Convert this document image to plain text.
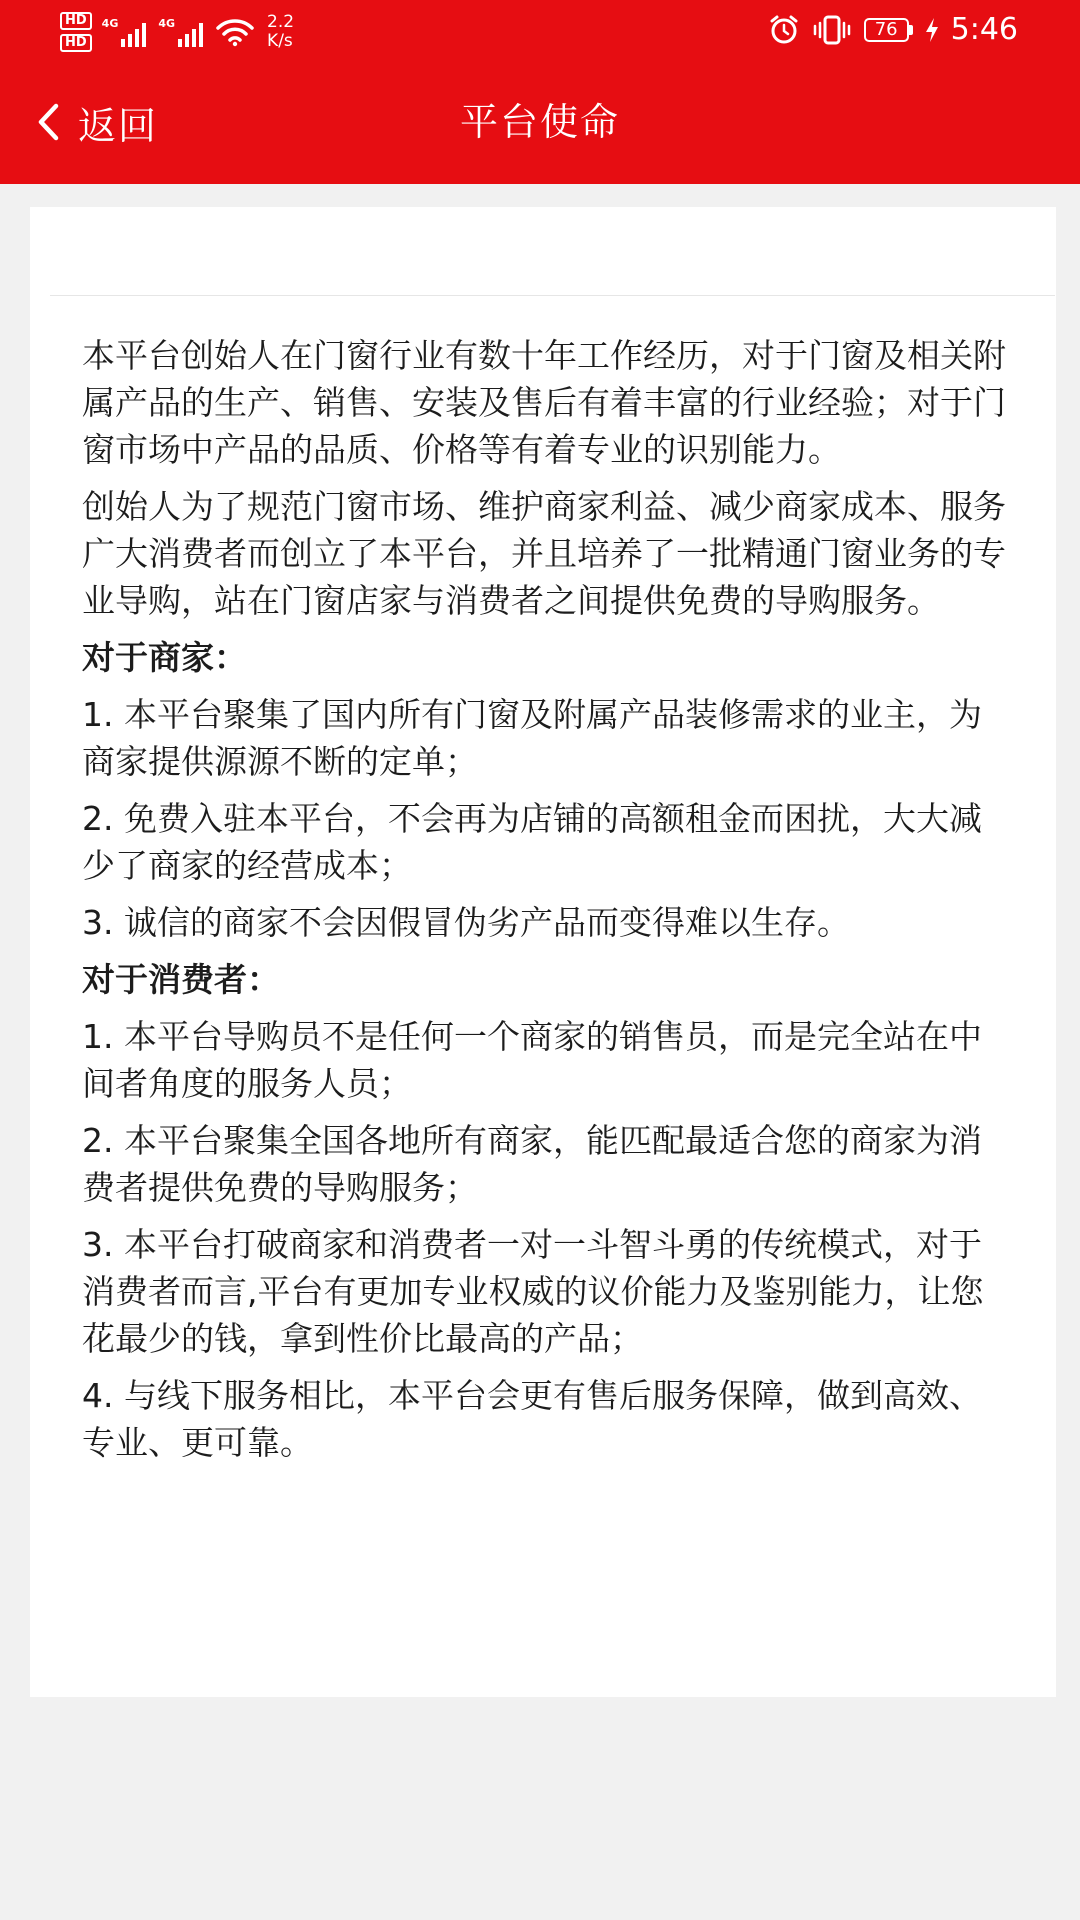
HD
HD
4G	4G	2.2
K/s
76	5:46
返回	平台使命

本平台创始人在门窗行业有数十年工作经历，对于门窗及相关附属产品的生产、销售、安装及售后有着丰富的行业经验；对于门窗市场中产品的品质、价格等有着专业的识别能力。

创始人为了规范门窗市场、维护商家利益、减少商家成本、服务广大消费者而创立了本平台，并且培养了一批精通门窗业务的专业导购，站在门窗店家与消费者之间提供免费的导购服务。

对于商家：

1. 本平台聚集了国内所有门窗及附属产品装修需求的业主，为商家提供源源不断的定单；

2. 免费入驻本平台，不会再为店铺的高额租金而困扰，大大减少了商家的经营成本；

3. 诚信的商家不会因假冒伪劣产品而变得难以生存。

对于消费者：

1. 本平台导购员不是任何一个商家的销售员，而是完全站在中间者角度的服务人员；

2. 本平台聚集全国各地所有商家，能匹配最适合您的商家为消费者提供免费的导购服务；

3. 本平台打破商家和消费者一对一斗智斗勇的传统模式，对于消费者而言,平台有更加专业权威的议价能力及鉴别能力，让您花最少的钱，拿到性价比最高的产品；

4. 与线下服务相比，本平台会更有售后服务保障，做到高效、专业、更可靠。
